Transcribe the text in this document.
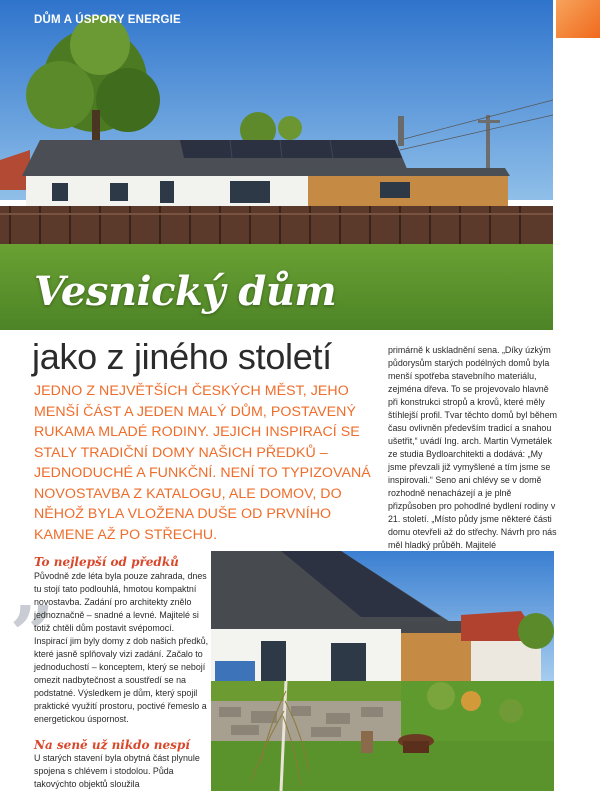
DŮM A ÚSPORY ENERGIE
Vesnický dům
jako z jiného století

JEDNO Z NEJVĚTŠÍCH ČESKÝCH MĚST, JEHO MENŠÍ ČÁST A JEDEN MALÝ DŮM, POSTAVENÝ RUKAMA MLADÉ RODINY. JEJICH INSPIRACÍ SE STALY TRADIČNÍ DOMY NAŠICH PŘEDKŮ – JEDNODUCHÉ A FUNKČNÍ. NENÍ TO TYPIZOVANÁ NOVOSTAVBA Z KATALOGU, ALE DOMOV, DO NĚHOŽ BYLA VLOŽENA DUŠE OD PRVNÍHO KAMENE AŽ PO STŘECHU.

primárně k uskladnění sena. „Díky úzkým půdorysům starých podélných domů byla menší spotřeba stavebního materiálu, zejména dřeva. To se projevovalo hlavně při konstrukci stropů a krovů, které měly štíhlejší profil. Tvar těchto domů byl během času ovlivněn především tradicí a snahou ušetřit,“ uvádí Ing. arch. Martin Vymetálek ze studia Bydloarchitekti a dodává: „My jsme převzali již vymyšlené a tím jsme se inspirovali.“ Seno ani chlévy se v domě rozhodně nenacházejí a je plně přizpůsoben pro pohodlné bydlení rodiny v 21. století. „Místo půdy jsme některé části domu otevřeli až do střechy. Návrh pro nás měl hladký průběh. Majitelé

„
To nejlepší od předků

Původně zde léta byla pouze zahrada, dnes tu stojí tato podlouhlá, hmotou kompaktní novostavba. Zadání pro architekty znělo jednoznačně – snadné a levné. Majitelé si totiž chtěli dům postavit svépomocí. Inspirací jim byly domy z dob našich předků, které jasně splňovaly vizi zadání. Začalo to jednoduchostí – konceptem, který se nebojí omezit nadbytečnost a soustředí se na podstatné. Výsledkem je dům, který spojil praktické využití prostoru, poctivé řemeslo a energetickou úspornost.

Na seně už nikdo nespí

U starých stavení byla obytná část plynule spojena s chlévem i stodolou. Půda takovýchto objektů sloužila
